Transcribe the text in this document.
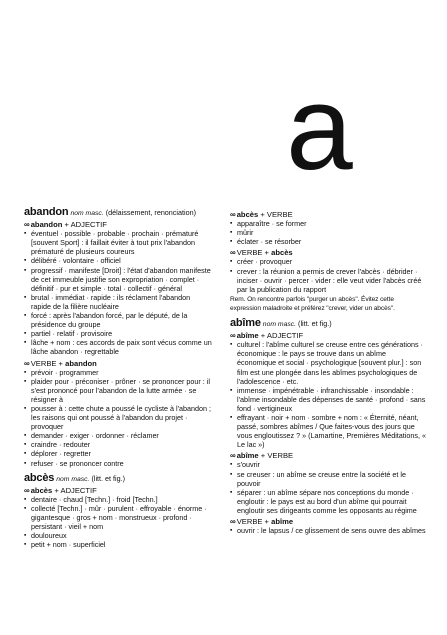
a
abandon nom masc. (délaissement, renonciation)
∞abandon + ADJECTIF
▪ éventuel · possible · probable · prochain · prématuré [souvent Sport] : il faillait éviter à tout prix l'abandon prématuré de plusieurs coureurs
▪ délibéré · volontaire · officiel
▪ progressif · manifeste [Droit] : l'état d'abandon manifeste de cet immeuble justifie son expropriation · complet · définitif · pur et simple · total · collectif · général
▪ brutal · immédiat · rapide : ils réclament l'abandon rapide de la filière nucléaire
▪ forcé : après l'abandon forcé, par le député, de la présidence du groupe
▪ partiel · relatif · provisoire
▪ lâche + nom : ces accords de paix sont vécus comme un lâche abandon · regrettable
∞VERBE + abandon
▪ prévoir · programmer
▪ plaider pour · préconiser · prôner · se prononcer pour : il s'est prononcé pour l'abandon de la lutte armée · se résigner à
▪ pousser à : cette chute a poussé le cycliste à l'abandon ; les raisons qui ont poussé à l'abandon du projet · provoquer
▪ demander · exiger · ordonner · réclamer
▪ craindre · redouter
▪ déplorer · regretter
▪ refuser · se prononcer contre
abcès nom masc. (litt. et fig.)
∞abcès + ADJECTIF
▪ dentaire · chaud [Techn.] · froid [Techn.]
▪ collecté [Techn.] · mûr · purulent · effroyable · énorme · gigantesque · gros + nom · monstrueux · profond · persistant · vieil + nom
▪ douloureux
▪ petit + nom · superficiel
∞abcès + VERBE
▪ apparaître · se former
▪ mûrir
▪ éclater · se résorber
∞VERBE + abcès
▪ créer · provoquer
▪ crever : la réunion a permis de crever l'abcès · débrider · inciser · ouvrir · percer · vider : elle veut vider l'abcès créé par la publication du rapport
Rem. On rencontre parfois "purger un abcès". Évitez cette expression maladroite et préférez "crever, vider un abcès".
abîme nom masc. (litt. et fig.)
∞abîme + ADJECTIF
▪ culturel : l'abîme culturel se creuse entre ces générations · économique : le pays se trouve dans un abîme économique et social · psychologique [souvent plur.] : son film est une plongée dans les abîmes psychologiques de l'adolescence · etc.
▪ immense · impénétrable · infranchissable · insondable : l'abîme insondable des dépenses de santé · profond · sans fond · vertigineux
▪ effrayant · noir + nom · sombre + nom : « Éternité, néant, passé, sombres abîmes / Que faites-vous des jours que vous engloutissez ? » (Lamartine, Premières Méditations, « Le lac »)
∞abîme + VERBE
▪ s'ouvrir
▪ se creuser : un abîme se creuse entre la société et le pouvoir
▪ séparer : un abîme sépare nos conceptions du monde · engloutir : le pays est au bord d'un abîme qui pourrait engloutir ses dirigeants comme les opposants au régime
∞VERBE + abîme
▪ ouvrir : le lapsus / ce glissement de sens ouvre des abîmes
